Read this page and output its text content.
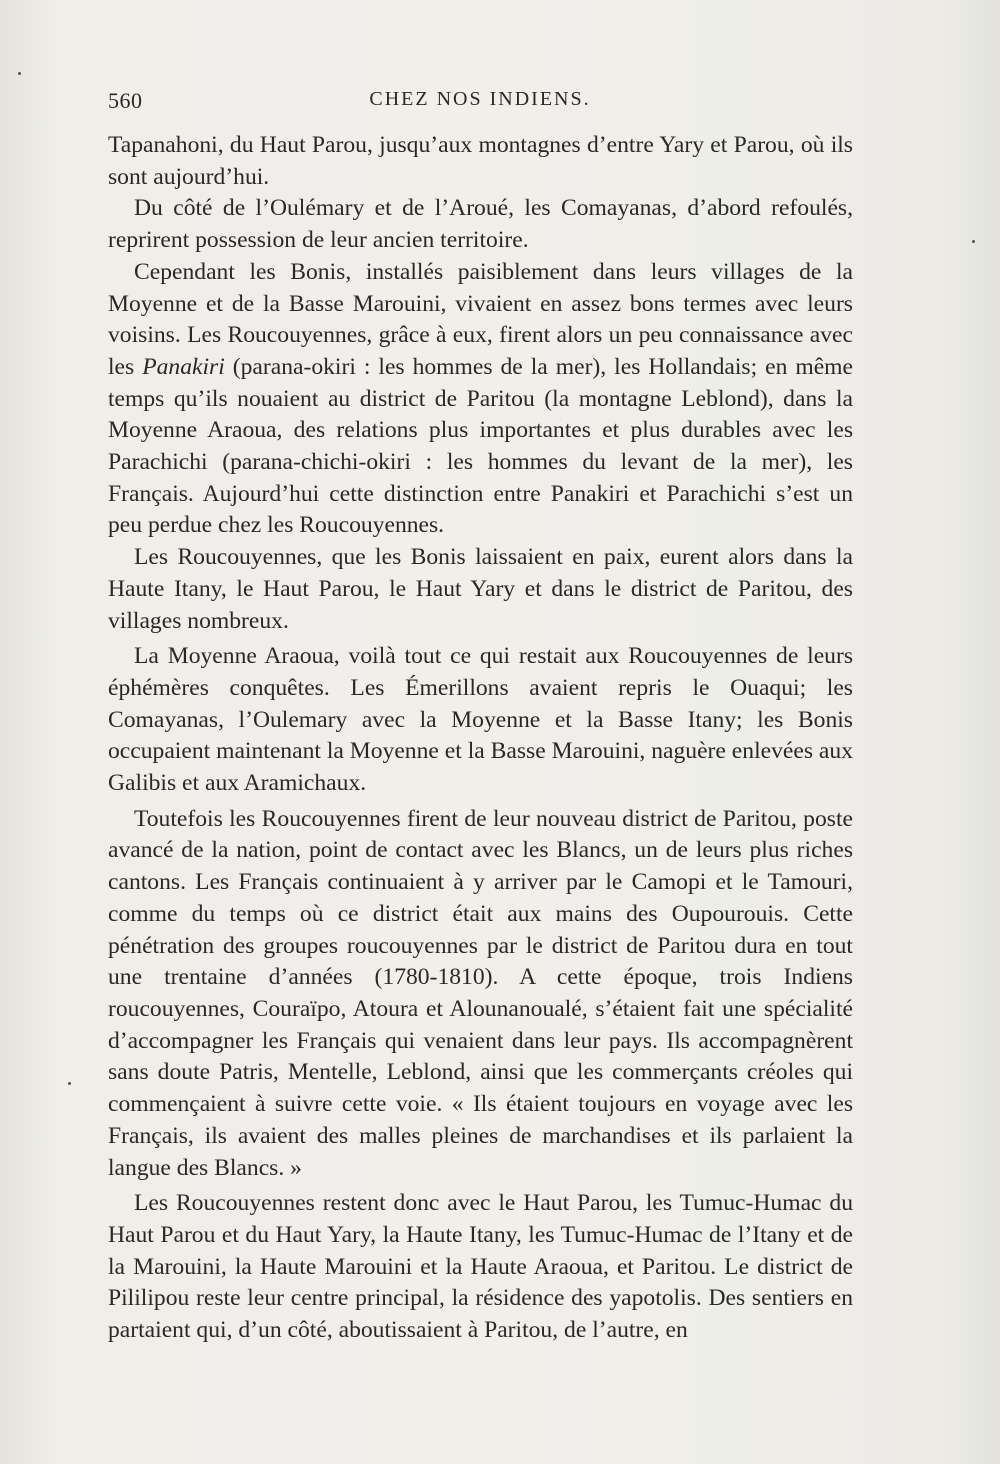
560	CHEZ NOS INDIENS.

Tapanahoni, du Haut Parou, jusqu’aux montagnes d’entre Yary et Parou, où ils sont aujourd’hui.

Du côté de l’Oulémary et de l’Aroué, les Comayanas, d’abord refoulés, reprirent possession de leur ancien territoire.

Cependant les Bonis, installés paisiblement dans leurs villages de la Moyenne et de la Basse Marouini, vivaient en assez bons termes avec leurs voisins. Les Roucouyennes, grâce à eux, firent alors un peu connaissance avec les Panakiri (parana-okiri : les hommes de la mer), les Hollandais; en même temps qu’ils nouaient au district de Paritou (la montagne Leblond), dans la Moyenne Araoua, des relations plus importantes et plus durables avec les Parachichi (parana-chichi-okiri : les hommes du levant de la mer), les Français. Aujourd’hui cette distinction entre Panakiri et Parachichi s’est un peu perdue chez les Roucouyennes.

Les Roucouyennes, que les Bonis laissaient en paix, eurent alors dans la Haute Itany, le Haut Parou, le Haut Yary et dans le district de Paritou, des villages nombreux.

La Moyenne Araoua, voilà tout ce qui restait aux Roucouyennes de leurs éphémères conquêtes. Les Émerillons avaient repris le Ouaqui; les Comayanas, l’Oulemary avec la Moyenne et la Basse Itany; les Bonis occupaient maintenant la Moyenne et la Basse Marouini, naguère enlevées aux Galibis et aux Aramichaux.

Toutefois les Roucouyennes firent de leur nouveau district de Paritou, poste avancé de la nation, point de contact avec les Blancs, un de leurs plus riches cantons. Les Français continuaient à y arriver par le Camopi et le Tamouri, comme du temps où ce district était aux mains des Oupourouis. Cette pénétration des groupes roucouyennes par le district de Paritou dura en tout une trentaine d’années (1780-1810). A cette époque, trois Indiens roucouyennes, Couraïpo, Atoura et Alounanoualé, s’étaient fait une spécialité d’accompagner les Français qui venaient dans leur pays. Ils accompagnèrent sans doute Patris, Mentelle, Leblond, ainsi que les commerçants créoles qui commençaient à suivre cette voie. « Ils étaient toujours en voyage avec les Français, ils avaient des malles pleines de marchandises et ils parlaient la langue des Blancs. »

Les Roucouyennes restent donc avec le Haut Parou, les Tumuc-Humac du Haut Parou et du Haut Yary, la Haute Itany, les Tumuc-Humac de l’Itany et de la Marouini, la Haute Marouini et la Haute Araoua, et Paritou. Le district de Pililipou reste leur centre principal, la résidence des yapotolis. Des sentiers en partaient qui, d’un côté, aboutissaient à Paritou, de l’autre, en
